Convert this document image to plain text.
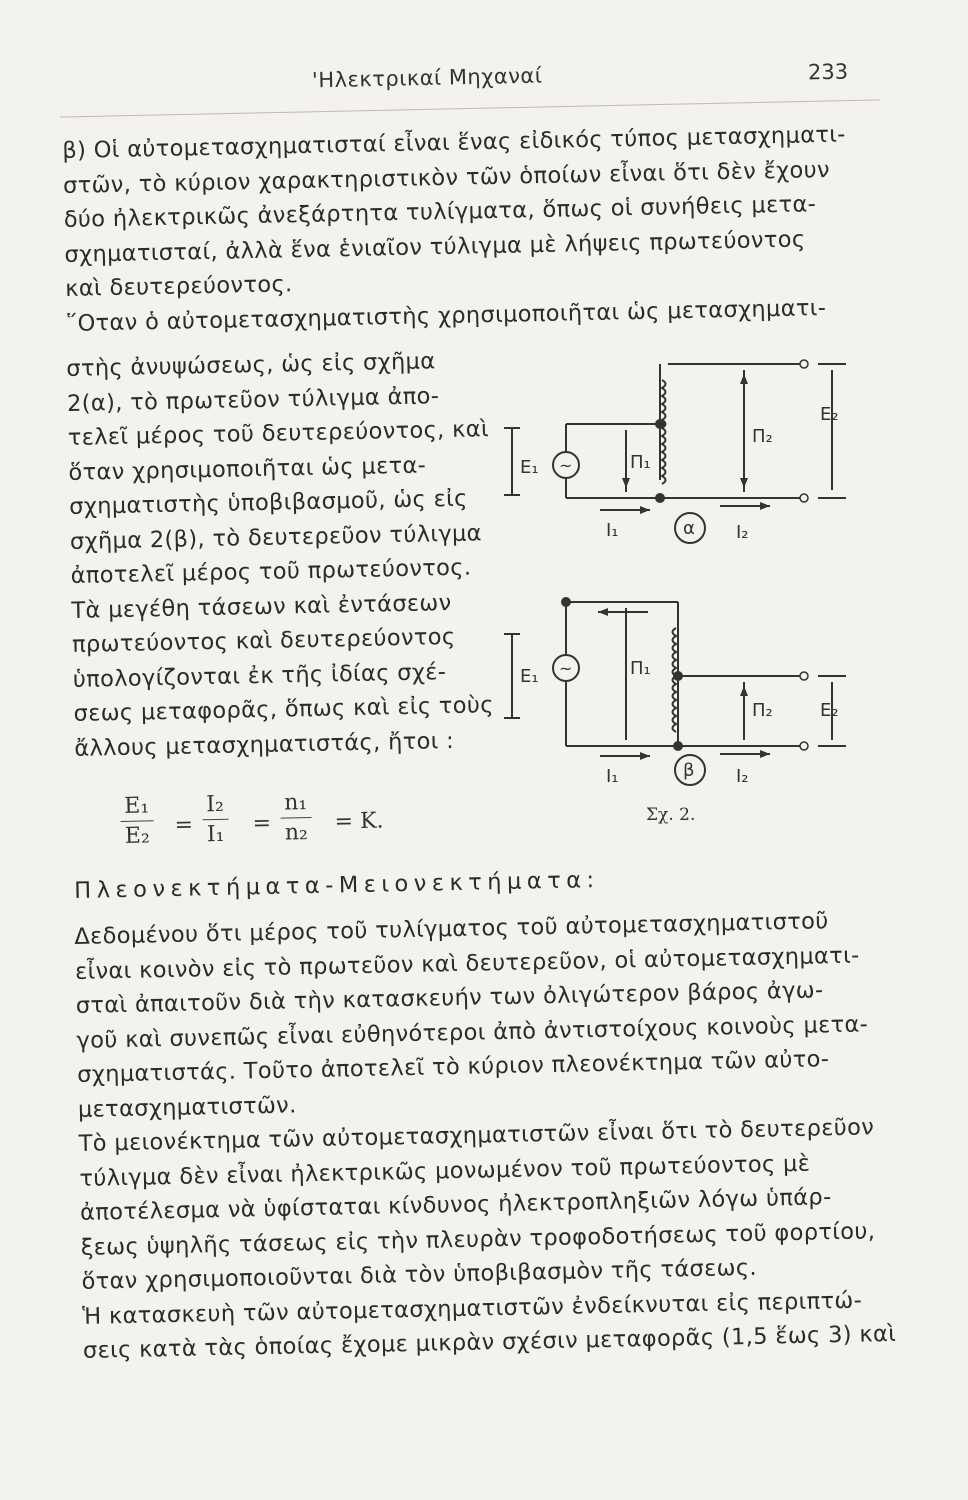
'Ηλεκτρικαί Μηχαναί	233
β) Οἱ αὐτομετασχηματισταί εἶναι ἕνας εἰδικός τύπος μετασχηματι-
στῶν, τὸ κύριον χαρακτηριστικὸν τῶν ὁποίων εἶναι ὅτι δὲν ἔχουν
δύο ἠλεκτρικῶς ἀνεξάρτητα τυλίγματα, ὅπως οἱ συνήθεις μετα-
σχηματισταί, ἀλλὰ ἕνα ἑνιαῖον τύλιγμα μὲ λήψεις πρωτεύοντος
καὶ δευτερεύοντος.
῞Οταν ὁ αὐτομετασχηματιστὴς χρησιμοποιῆται ὡς μετασχηματι-
στὴς ἀνυψώσεως, ὡς εἰς σχῆμα
2(α), τὸ πρωτεῦον τύλιγμα ἀπο-
τελεῖ μέρος τοῦ δευτερεύοντος, καὶ
ὅταν χρησιμοποιῆται ὡς μετα-
σχηματιστὴς ὑποβιβασμοῦ, ὡς εἰς
σχῆμα 2(β), τὸ δευτερεῦον τύλιγμα
ἀποτελεῖ μέρος τοῦ πρωτεύοντος.
Τὰ μεγέθη τάσεων καὶ ἐντάσεων
πρωτεύοντος καὶ δευτερεύοντος
ὑπολογίζονται ἐκ τῆς ἰδίας σχέ-
σεως μεταφορᾶς, ὅπως καὶ εἰς τοὺς
ἄλλους μετασχηματιστάς, ἤτοι :
$\frac{\text{E₁}}{\text{E₂}} = \frac{\text{I₂}}{\text{I₁}} = \frac{\text{n₁}}{\text{n₂}} = K$.
~
E₁	Π₁
Π₂
E₂
I₁	I₂
α
~
E₁	Π₁
Π₂	E₂
I₁	I₂
β
Σχ. 2.
Πλεονεκτήματα-Μειονεκτήματα:
Δεδομένου ὅτι μέρος τοῦ τυλίγματος τοῦ αὐτομετασχηματιστοῦ
εἶναι κοινὸν εἰς τὸ πρωτεῦον καὶ δευτερεῦον, οἱ αὐτομετασχηματι-
σταὶ ἀπαιτοῦν διὰ τὴν κατασκευήν των ὀλιγώτερον βάρος ἀγω-
γοῦ καὶ συνεπῶς εἶναι εὐθηνότεροι ἀπὸ ἀντιστοίχους κοινοὺς μετα-
σχηματιστάς. Τοῦτο ἀποτελεῖ τὸ κύριον πλεονέκτημα τῶν αὐτο-
μετασχηματιστῶν.
Τὸ μειονέκτημα τῶν αὐτομετασχηματιστῶν εἶναι ὅτι τὸ δευτερεῦον
τύλιγμα δὲν εἶναι ἠλεκτρικῶς μονωμένον τοῦ πρωτεύοντος μὲ
ἀποτέλεσμα νὰ ὑφίσταται κίνδυνος ἠλεκτροπληξιῶν λόγω ὑπάρ-
ξεως ὑψηλῆς τάσεως εἰς τὴν πλευρὰν τροφοδοτήσεως τοῦ φορτίου,
ὅταν χρησιμοποιοῦνται διὰ τὸν ὑποβιβασμὸν τῆς τάσεως.
Ἡ κατασκευὴ τῶν αὐτομετασχηματιστῶν ἐνδείκνυται εἰς περιπτώ-
σεις κατὰ τὰς ὁποίας ἔχομε μικρὰν σχέσιν μεταφορᾶς (1,5 ἕως 3) καὶ
